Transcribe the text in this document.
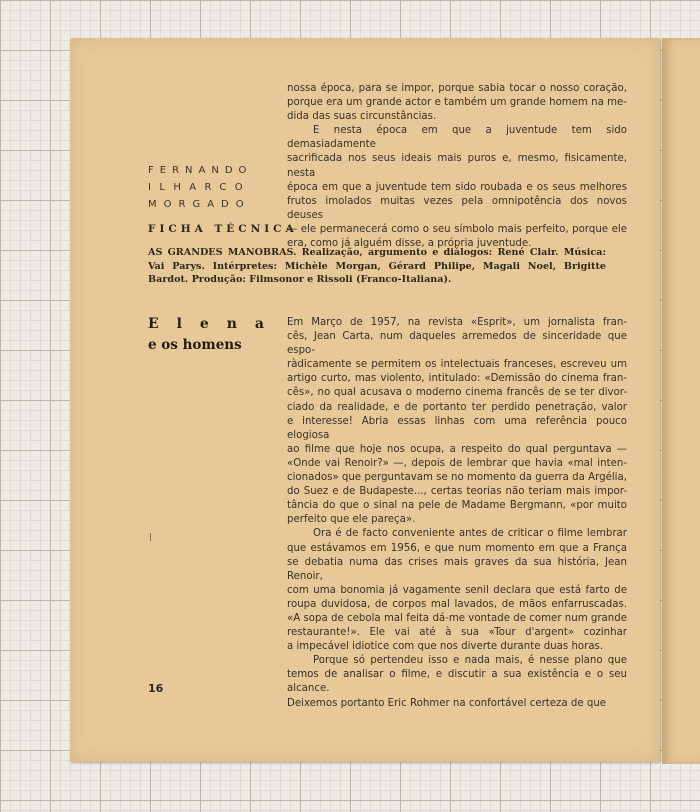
nossa época, para se impor, porque sabia tocar o nosso coração,

porque era um grande actor e também um grande homem na me-

dida das suas circunstâncias.

E nesta época em que a juventude tem sido demasiadamente

sacrificada nos seus ideais mais puros e, mesmo, fisicamente, nesta

época em que a juventude tem sido roubada e os seus melhores

frutos imolados muitas vezes pela omnipotência dos novos deuses

— ele permanecerá como o seu símbolo mais perfeito, porque ele

era, como já alguém disse, a própria juventude.

FERNANDO
ILHARCO
MORGADO
FICHA TÉCNICA
AS GRANDES MANOBRAS. Realização, argumento e diálogos: René Clair. Música: Vai Parys. Intérpretes: Michèle Morgan, Gérard Philipe, Magali Noel, Brigitte Bardot. Produção: Filmsonor e Rissoli (Franco-Italiana).
E l e n a
e os homens

Em Março de 1957, na revista «Esprit», um jornalista fran-

cês, Jean Carta, num daqueles arremedos de sinceridade que espo-

ràdicamente se permitem os intelectuais franceses, escreveu um

artigo curto, mas violento, intitulado: «Demissão do cinema fran-

cês», no qual acusava o moderno cinema francês de se ter divor-

ciado da realidade, e de portanto ter perdido penetração, valor

e interesse! Abria essas linhas com uma referência pouco elogiosa

ao filme que hoje nos ocupa, a respeito do qual perguntava —

«Onde vai Renoir?» —, depois de lembrar que havia «mal inten-

cionados» que perguntavam se no momento da guerra da Argélia,

do Suez e de Budapeste..., certas teorias não teriam mais impor-

tância do que o sinal na pele de Madame Bergmann, «por muito

perfeito que ele pareça».

Ora é de facto conveniente antes de criticar o filme lembrar

que estávamos em 1956, e que num momento em que a França

se debatia numa das crises mais graves da sua história, Jean Renoir,

com uma bonomia já vagamente senil declara que está farto de

roupa duvidosa, de corpos mal lavados, de mãos enfarruscadas.

«A sopa de cebola mal feita dá-me vontade de comer num grande

restaurante!». Ele vai até à sua «Tour d'argent» cozinhar

a impecável idiotice com que nos diverte durante duas horas.

Porque só pertendeu isso e nada mais, é nesse plano que

temos de analisar o filme, e discutir a sua existência e o seu alcance.

Deixemos portanto Eric Rohmer na confortável certeza de que

16
